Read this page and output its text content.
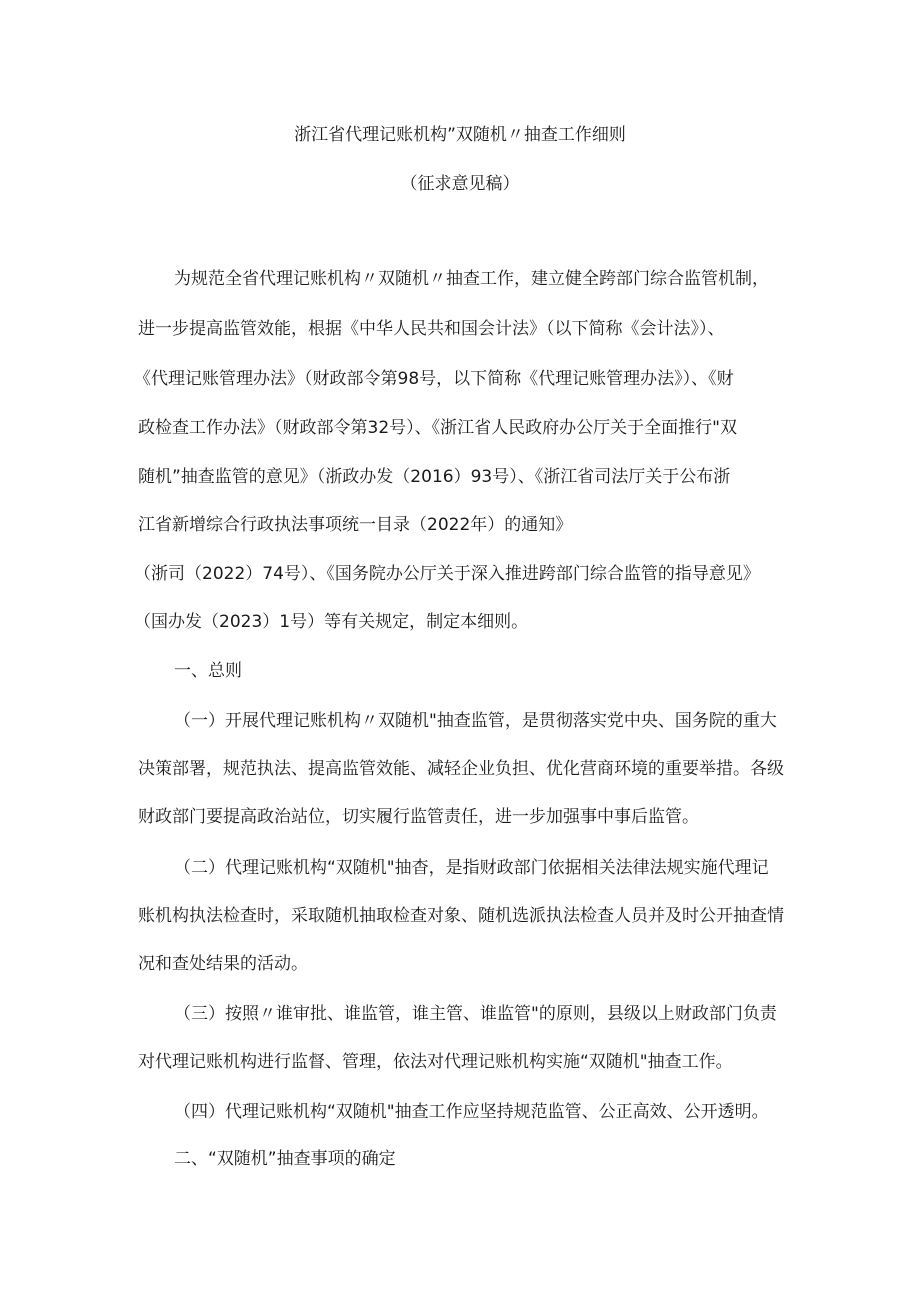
浙江省代理记账机构”双随机〃抽查工作细则
（征求意见稿）
为规范全省代理记账机构〃双随机〃抽查工作，建立健全跨部门综合监管机制，
进一步提高监管效能，根据《中华人民共和国会计法》（以下简称《会计法》）、
《代理记账管理办法》（财政部令第98号，以下简称《代理记账管理办法》）、《财
政检查工作办法》（财政部令第32号）、《浙江省人民政府办公厅关于全面推行"双
随机”抽查监管的意见》（浙政办发（2016）93号）、《浙江省司法厅关于公布浙
江省新增综合行政执法事项统一目录（2022年）的通知》
（浙司（2022）74号）、《国务院办公厅关于深入推进跨部门综合监管的指导意见》
（国办发（2023）1号）等有关规定，制定本细则。
一、总则
（一）开展代理记账机构〃双随机"抽查监管，是贯彻落实党中央、国务院的重大
决策部署，规范执法、提高监管效能、减轻企业负担、优化营商环境的重要举措。各级
财政部门要提高政治站位，切实履行监管责任，进一步加强事中事后监管。
（二）代理记账机构“双随机"抽杳，是指财政部门依据相关法律法规实施代理记
账机构执法检查时，采取随机抽取检查对象、随机选派执法检查人员并及时公开抽查情
况和查处结果的活动。
（三）按照〃谁审批、谁监管，谁主管、谁监管"的原则，县级以上财政部门负责
对代理记账机构进行监督、管理，依法对代理记账机构实施“双随机"抽查工作。
（四）代理记账机构“双随机"抽查工作应坚持规范监管、公正高效、公开透明。
二、“双随机”抽查事项的确定
